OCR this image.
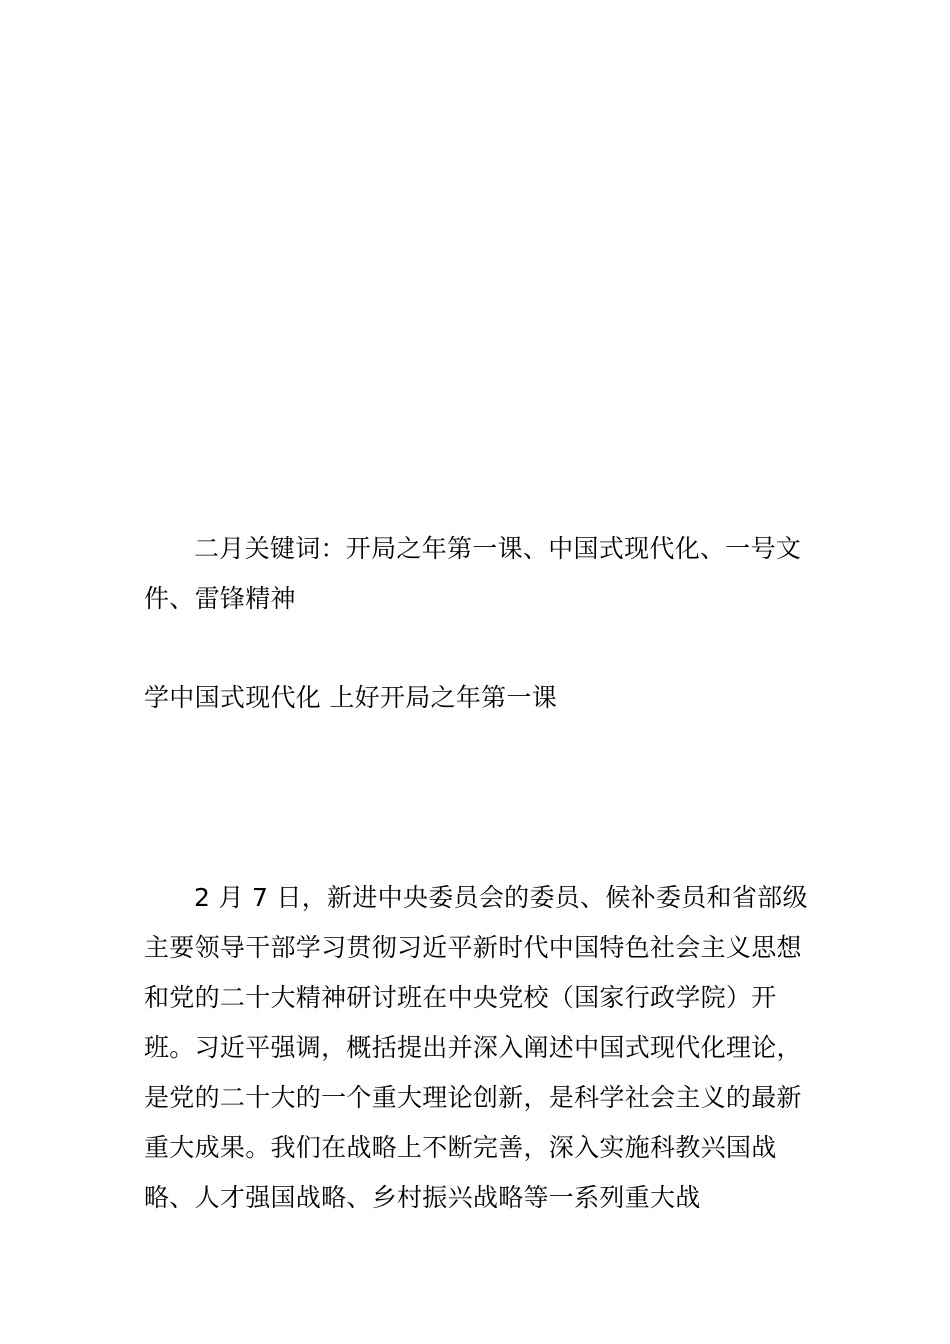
二月关键词：开局之年第一课、中国式现代化、一号文件、雷锋精神
学中国式现代化 上好开局之年第一课
2 月 7 日，新进中央委员会的委员、候补委员和省部级主要领导干部学习贯彻习近平新时代中国特色社会主义思想和党的二十大精神研讨班在中央党校（国家行政学院）开班。习近平强调，概括提出并深入阐述中国式现代化理论，是党的二十大的一个重大理论创新，是科学社会主义的最新重大成果。我们在战略上不断完善，深入实施科教兴国战略、人才强国战略、乡村振兴战略等一系列重大战
